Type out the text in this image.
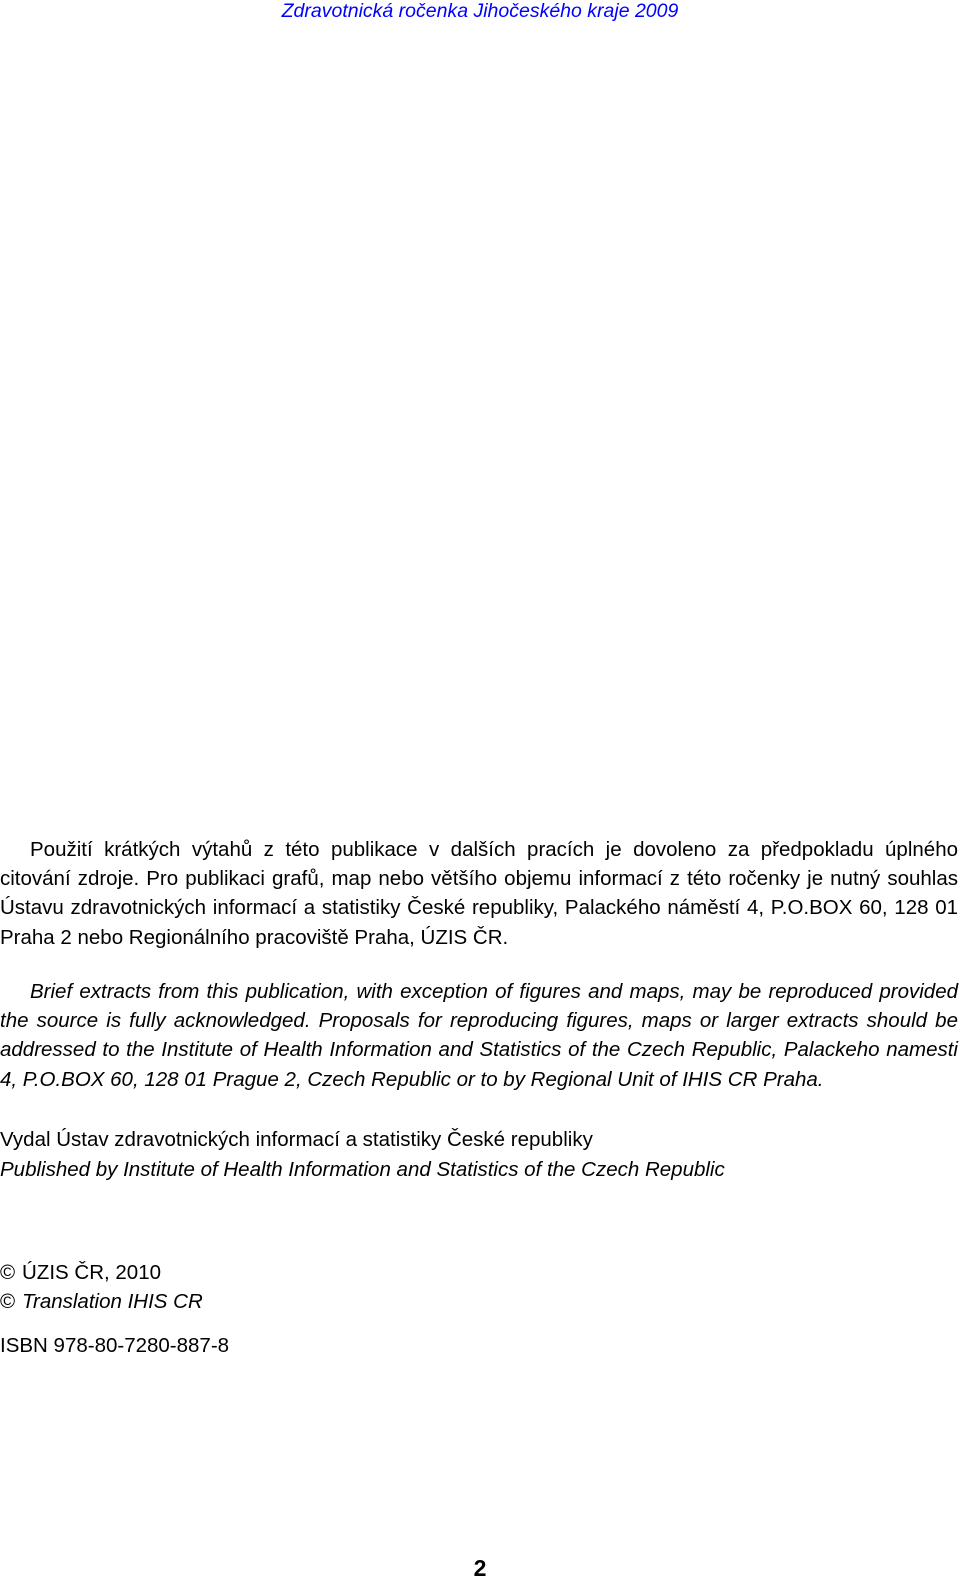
Zdravotnická ročenka Jihočeského kraje 2009

Použití krátkých výtahů z této publikace v dalších pracích je dovoleno za předpokladu úplného citování zdroje. Pro publikaci grafů, map nebo většího objemu informací z této ročenky je nutný souhlas Ústavu zdravotnických informací a statistiky České republiky, Palackého náměstí 4, P.O.BOX 60, 128 01 Praha 2 nebo Regionálního pracoviště Praha, ÚZIS ČR.

Brief extracts from this publication, with exception of figures and maps, may be reproduced provided the source is fully acknowledged. Proposals for reproducing figures, maps or larger extracts should be addressed to the Institute of Health Information and Statistics of the Czech Republic, Palackeho namesti 4, P.O.BOX 60, 128 01 Prague 2, Czech Republic or to by Regional Unit of IHIS CR Praha.

Vydal Ústav zdravotnických informací a statistiky České republiky

Published by Institute of Health Information and Statistics of the Czech Republic

© ÚZIS ČR, 2010

© Translation IHIS CR

ISBN 978-80-7280-887-8

2
